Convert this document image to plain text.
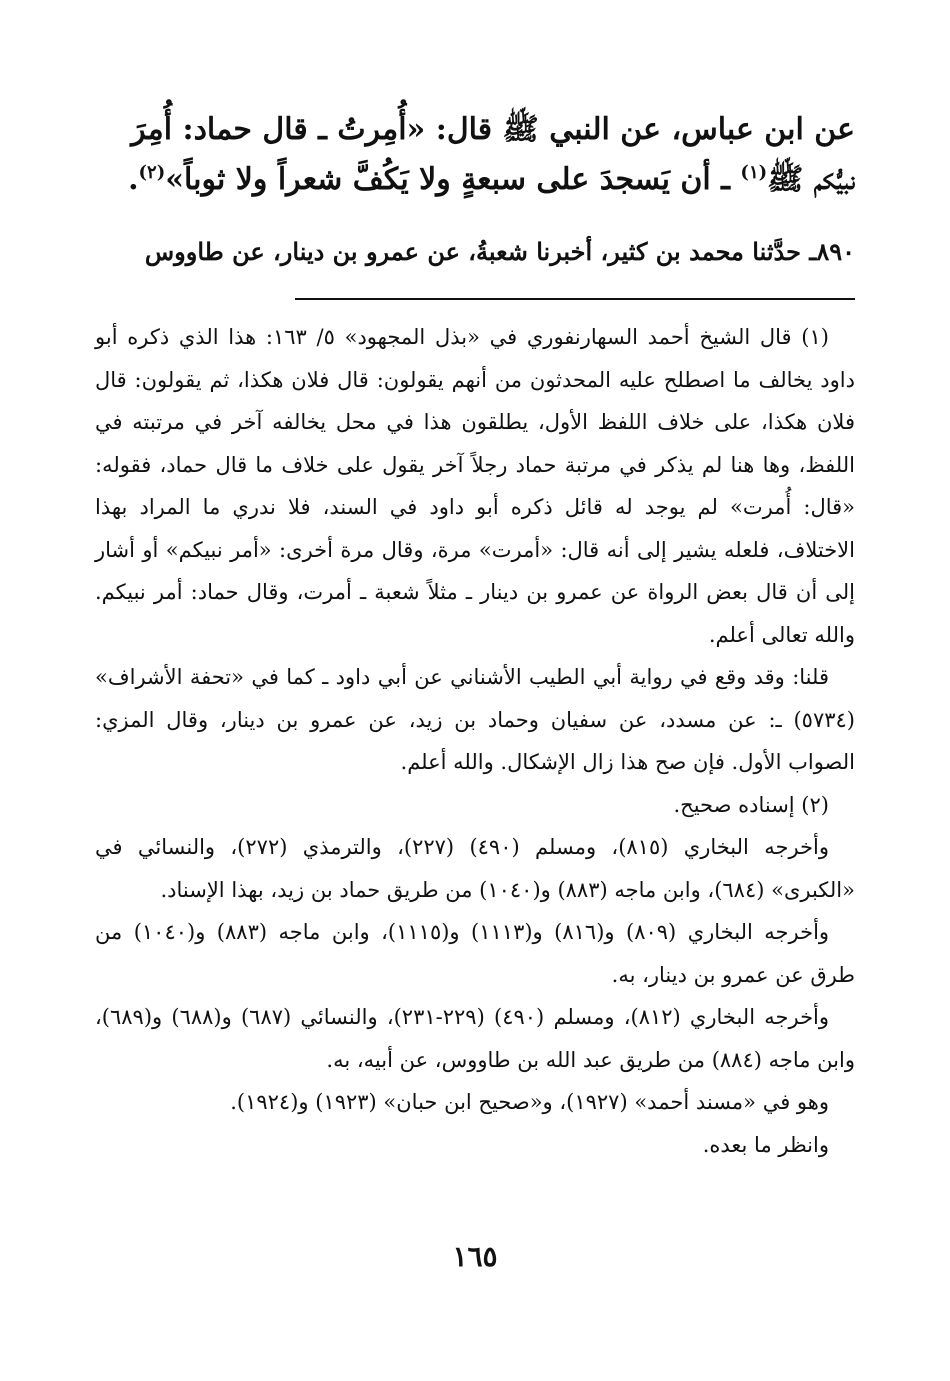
عن ابن عباس، عن النبي ﷺ قال: «أُمِرتُ ـ قال حماد: أُمِرَ

نبيُّكم ﷺ$^{(١)}$ ـ أن يَسجدَ على سبعةٍ ولا يَكُفَّ شعراً ولا ثوباً»$^{(٢)}$.

٨٩٠ـ حدَّثنا محمد بن كثير، أخبرنا شعبةُ، عن عمرو بن دينار، عن طاووس

(١) قال الشيخ أحمد السهارنفوري في «بذل المجهود» ٥/ ١٦٣: هذا الذي ذكره أبو داود يخالف ما اصطلح عليه المحدثون من أنهم يقولون: قال فلان هكذا، ثم يقولون: قال فلان هكذا، على خلاف اللفظ الأول، يطلقون هذا في محل يخالفه آخر في مرتبته في اللفظ، وها هنا لم يذكر في مرتبة حماد رجلاً آخر يقول على خلاف ما قال حماد، فقوله: «قال: أُمرت» لم يوجد له قائل ذكره أبو داود في السند، فلا ندري ما المراد بهذا الاختلاف، فلعله يشير إلى أنه قال: «أمرت» مرة، وقال مرة أخرى: «أمر نبيكم» أو أشار إلى أن قال بعض الرواة عن عمرو بن دينار ـ مثلاً شعبة ـ أمرت، وقال حماد: أمر نبيكم. والله تعالى أعلم.

قلنا: وقد وقع في رواية أبي الطيب الأشناني عن أبي داود ـ كما في «تحفة الأشراف» (٥٧٣٤) ـ: عن مسدد، عن سفيان وحماد بن زيد، عن عمرو بن دينار، وقال المزي: الصواب الأول. فإن صح هذا زال الإشكال. والله أعلم.

(٢) إسناده صحيح.

وأخرجه البخاري (٨١٥)، ومسلم (٤٩٠) (٢٢٧)، والترمذي (٢٧٢)، والنسائي في «الكبرى» (٦٨٤)، وابن ماجه (٨٨٣) و(١٠٤٠) من طريق حماد بن زيد، بهذا الإسناد.

وأخرجه البخاري (٨٠٩) و(٨١٦) و(١١١٣) و(١١١٥)، وابن ماجه (٨٨٣) و(١٠٤٠) من طرق عن عمرو بن دينار، به.

وأخرجه البخاري (٨١٢)، ومسلم (٤٩٠) (٢٢٩-٢٣١)، والنسائي (٦٨٧) و(٦٨٨) و(٦٨٩)، وابن ماجه (٨٨٤) من طريق عبد الله بن طاووس، عن أبيه، به.

وهو في «مسند أحمد» (١٩٢٧)، و«صحيح ابن حبان» (١٩٢٣) و(١٩٢٤).

وانظر ما بعده.

١٦٥
